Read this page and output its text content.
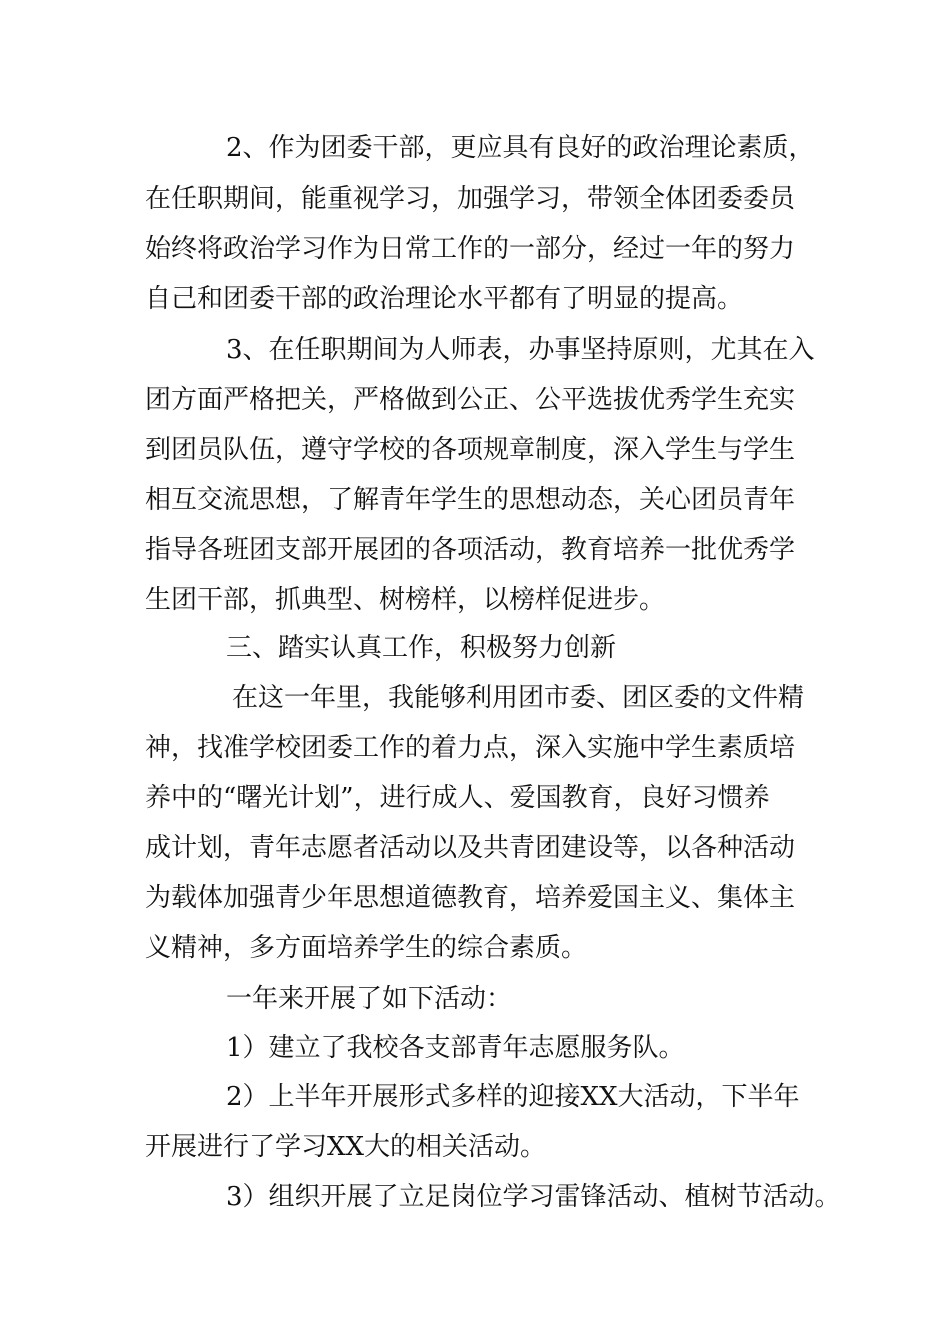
2、作为团委干部，更应具有良好的政治理论素质，
在任职期间，能重视学习，加强学习，带领全体团委委员
始终将政治学习作为日常工作的一部分，经过一年的努力
自己和团委干部的政治理论水平都有了明显的提高。
3、在任职期间为人师表，办事坚持原则，尤其在入
团方面严格把关，严格做到公正、公平选拔优秀学生充实
到团员队伍，遵守学校的各项规章制度，深入学生与学生
相互交流思想，了解青年学生的思想动态，关心团员青年
指导各班团支部开展团的各项活动，教育培养一批优秀学
生团干部，抓典型、树榜样，以榜样促进步。
三、踏实认真工作，积极努力创新
在这一年里，我能够利用团市委、团区委的文件精
神，找准学校团委工作的着力点，深入实施中学生素质培
养中的“曙光计划”，进行成人、爱国教育，良好习惯养
成计划，青年志愿者活动以及共青团建设等，以各种活动
为载体加强青少年思想道德教育，培养爱国主义、集体主
义精神，多方面培养学生的综合素质。
一年来开展了如下活动：
1）建立了我校各支部青年志愿服务队。
2）上半年开展形式多样的迎接XX大活动，下半年
开展进行了学习XX大的相关活动。
3）组织开展了立足岗位学习雷锋活动、植树节活动。
